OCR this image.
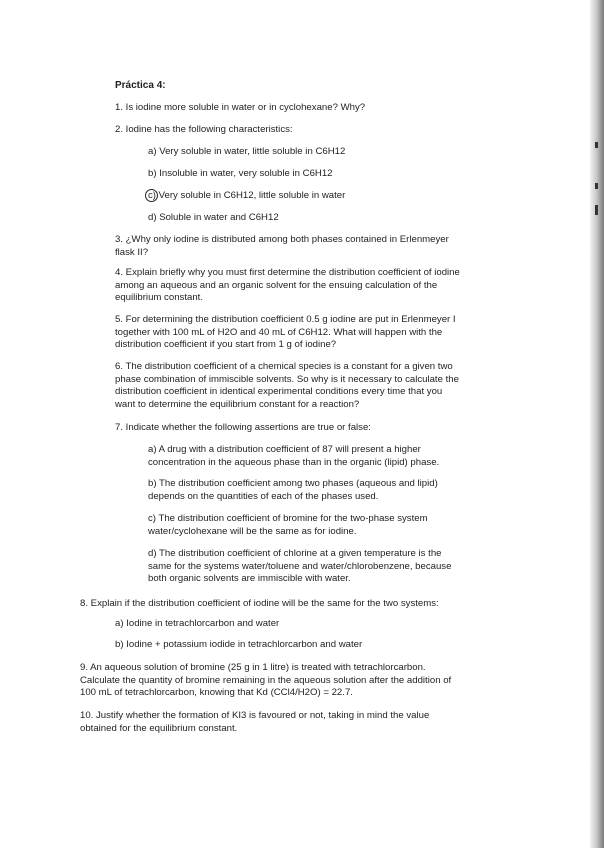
Práctica 4:
1. Is iodine more soluble in water or in cyclohexane? Why?
2. Iodine has the following characteristics:
a) Very soluble in water, little soluble in C6H12
b) Insoluble in water, very soluble in C6H12
c) Very soluble in C6H12, little soluble in water
d) Soluble in water and C6H12
3. ¿Why only iodine is distributed among both phases contained in Erlenmeyer
flask II?
4. Explain briefly why you must first determine the distribution coefficient of iodine
among an aqueous and an organic solvent for the ensuing calculation of the
equilibrium constant.
5. For determining the distribution coefficient 0.5 g iodine are put in Erlenmeyer I
together with 100 mL of H2O and 40 mL of C6H12. What will happen with the
distribution coefficient if you start from 1 g of iodine?
6. The distribution coefficient of a chemical species is a constant for a given two
phase combination of immiscible solvents. So why is it necessary to calculate the
distribution coefficient in identical experimental conditions every time that you
want to determine the equilibrium constant for a reaction?
7. Indicate whether the following assertions are true or false:
a) A drug with a distribution coefficient of 87 will present a higher
concentration in the aqueous phase than in the organic (lipid) phase.
b) The distribution coefficient among two phases (aqueous and lipid)
depends on the quantities of each of the phases used.
c) The distribution coefficient of bromine for the two-phase system
water/cyclohexane will be the same as for iodine.
d) The distribution coefficient of chlorine at a given temperature is the
same for the systems water/toluene and water/chlorobenzene, because
both organic solvents are immiscible with water.
8. Explain if the distribution coefficient of iodine will be the same for the two systems:
a) Iodine in tetrachlorcarbon and water
b) Iodine + potassium iodide in tetrachlorcarbon and water
9. An aqueous solution of bromine (25 g in 1 litre) is treated with tetrachlorcarbon.
Calculate the quantity of bromine remaining in the aqueous solution after the addition of
100 mL of tetrachlorcarbon, knowing that Kd (CCl4/H2O) = 22.7.
10. Justify whether the formation of KI3 is favoured or not, taking in mind the value
obtained for the equilibrium constant.
